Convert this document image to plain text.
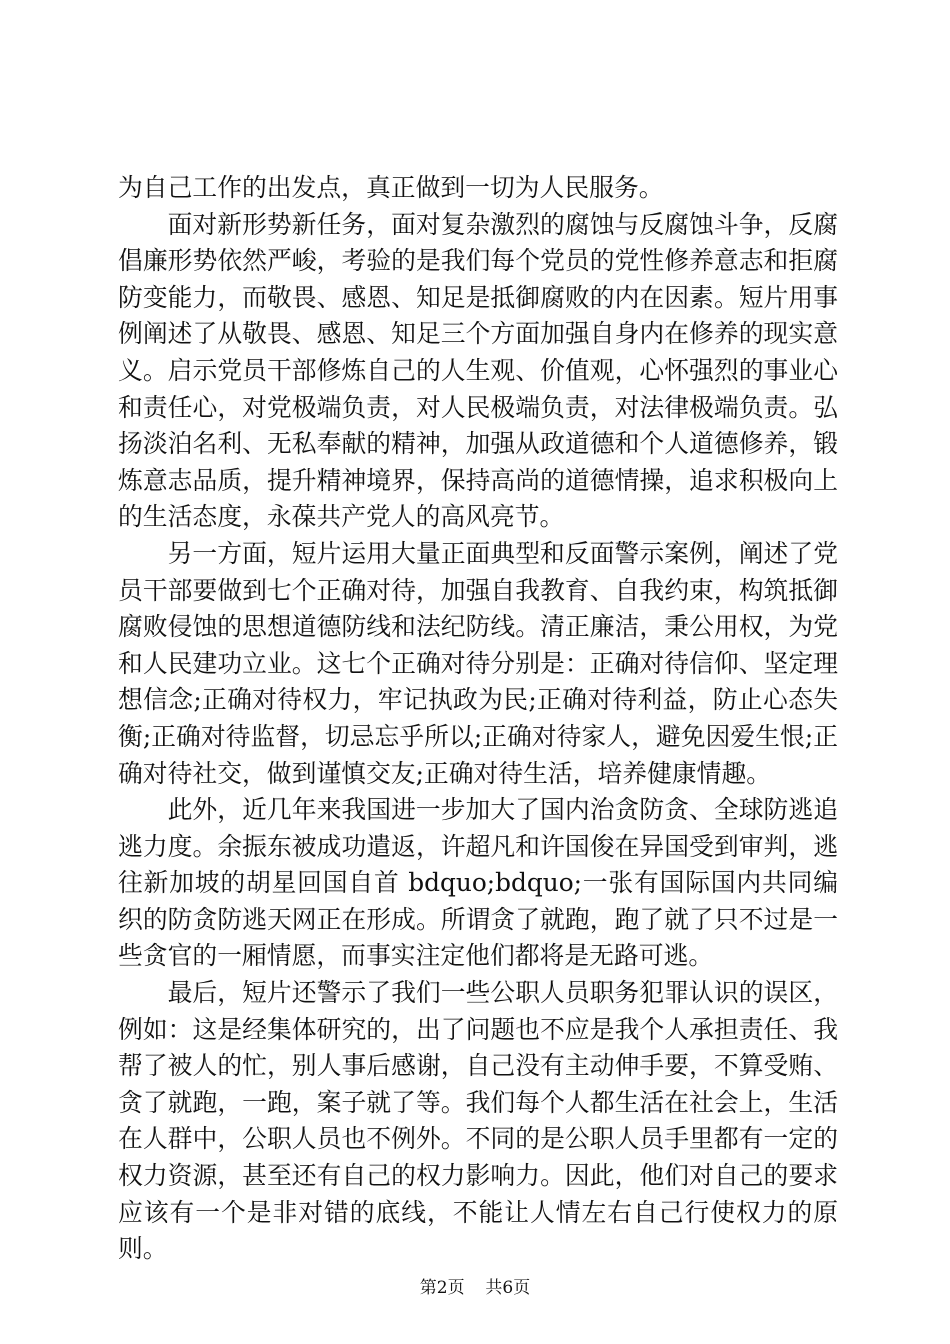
为自己工作的出发点，真正做到一切为人民服务。

面对新形势新任务，面对复杂激烈的腐蚀与反腐蚀斗争，反腐倡廉形势依然严峻，考验的是我们每个党员的党性修养意志和拒腐防变能力，而敬畏、感恩、知足是抵御腐败的内在因素。短片用事例阐述了从敬畏、感恩、知足三个方面加强自身内在修养的现实意义。启示党员干部修炼自己的人生观、价值观，心怀强烈的事业心和责任心，对党极端负责，对人民极端负责，对法律极端负责。弘扬淡泊名利、无私奉献的精神，加强从政道德和个人道德修养，锻炼意志品质，提升精神境界，保持高尚的道德情操，追求积极向上的生活态度，永葆共产党人的高风亮节。

另一方面，短片运用大量正面典型和反面警示案例，阐述了党员干部要做到七个正确对待，加强自我教育、自我约束，构筑抵御腐败侵蚀的思想道德防线和法纪防线。清正廉洁，秉公用权，为党和人民建功立业。这七个正确对待分别是：正确对待信仰、坚定理想信念;正确对待权力，牢记执政为民;正确对待利益，防止心态失衡;正确对待监督，切忌忘乎所以;正确对待家人，避免因爱生恨;正确对待社交，做到谨慎交友;正确对待生活，培养健康情趣。

此外，近几年来我国进一步加大了国内治贪防贪、全球防逃追逃力度。余振东被成功遣返，许超凡和许国俊在异国受到审判，逃往新加坡的胡星回国自首 bdquo;bdquo;一张有国际国内共同编织的防贪防逃天网正在形成。所谓贪了就跑，跑了就了只不过是一些贪官的一厢情愿，而事实注定他们都将是无路可逃。

最后，短片还警示了我们一些公职人员职务犯罪认识的误区，例如：这是经集体研究的，出了问题也不应是我个人承担责任、我帮了被人的忙，别人事后感谢，自己没有主动伸手要，不算受贿、贪了就跑，一跑，案子就了等。我们每个人都生活在社会上，生活在人群中，公职人员也不例外。不同的是公职人员手里都有一定的权力资源，甚至还有自己的权力影响力。因此，他们对自己的要求应该有一个是非对错的底线，不能让人情左右自己行使权力的原则。

第2页 共6页
